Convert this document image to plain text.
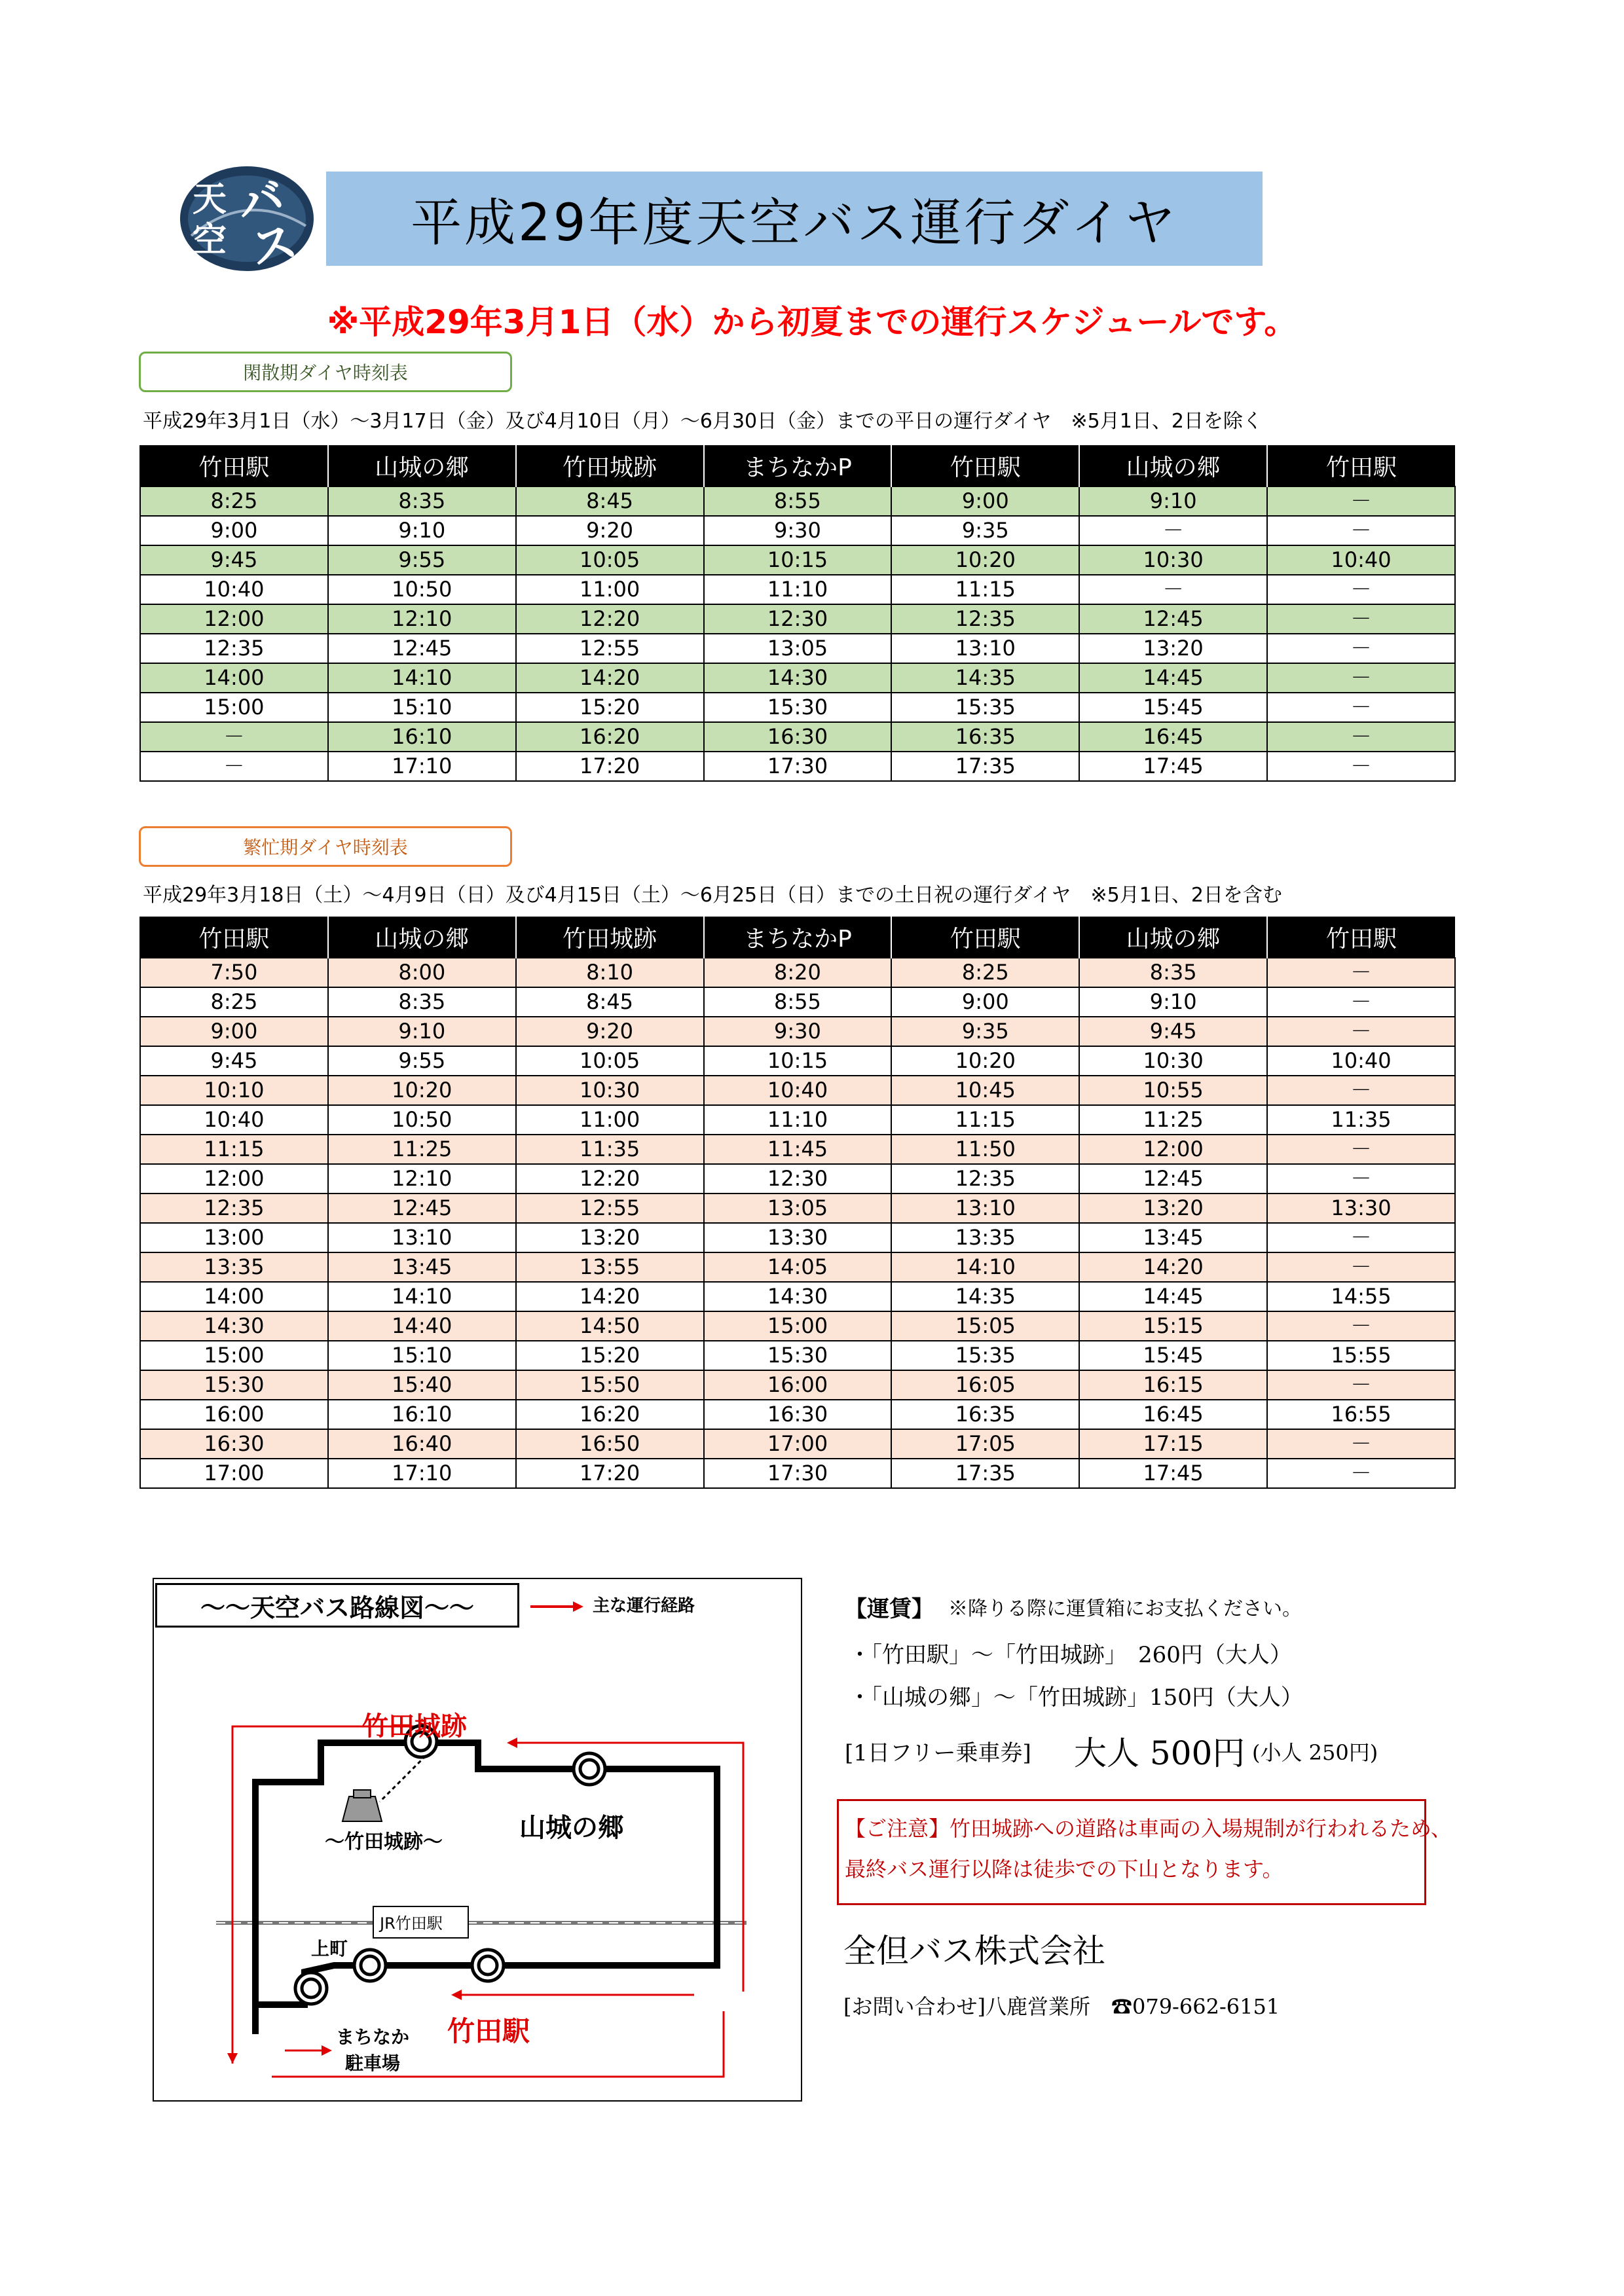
天
空
バ
ス	平成29年度天空バス運行ダイヤ
※平成29年3月1日（水）から初夏までの運行スケジュールです。
閑散期ダイヤ時刻表
平成29年3月1日（水）～3月17日（金）及び4月10日（月）～6月30日（金）までの平日の運行ダイヤ　※5月1日、2日を除く
竹田駅	山城の郷	竹田城跡	まちなかP	竹田駅	山城の郷	竹田駅
8:25	8:35	8:45	8:55	9:00	9:10	－
9:00	9:10	9:20	9:30	9:35	－	－
9:45	9:55	10:05	10:15	10:20	10:30	10:40
10:40	10:50	11:00	11:10	11:15	－	－
12:00	12:10	12:20	12:30	12:35	12:45	－
12:35	12:45	12:55	13:05	13:10	13:20	－
14:00	14:10	14:20	14:30	14:35	14:45	－
15:00	15:10	15:20	15:30	15:35	15:45	－
－	16:10	16:20	16:30	16:35	16:45	－
－	17:10	17:20	17:30	17:35	17:45	－
繁忙期ダイヤ時刻表
平成29年3月18日（土）～4月9日（日）及び4月15日（土）～6月25日（日）までの土日祝の運行ダイヤ　※5月1日、2日を含む
竹田駅	山城の郷	竹田城跡	まちなかP	竹田駅	山城の郷	竹田駅
7:50	8:00	8:10	8:20	8:25	8:35	－
8:25	8:35	8:45	8:55	9:00	9:10	－
9:00	9:10	9:20	9:30	9:35	9:45	－
9:45	9:55	10:05	10:15	10:20	10:30	10:40
10:10	10:20	10:30	10:40	10:45	10:55	－
10:40	10:50	11:00	11:10	11:15	11:25	11:35
11:15	11:25	11:35	11:45	11:50	12:00	－
12:00	12:10	12:20	12:30	12:35	12:45	－
12:35	12:45	12:55	13:05	13:10	13:20	13:30
13:00	13:10	13:20	13:30	13:35	13:45	－
13:35	13:45	13:55	14:05	14:10	14:20	－
14:00	14:10	14:20	14:30	14:35	14:45	14:55
14:30	14:40	14:50	15:00	15:05	15:15	－
15:00	15:10	15:20	15:30	15:35	15:45	15:55
15:30	15:40	15:50	16:00	16:05	16:15	－
16:00	16:10	16:20	16:30	16:35	16:45	16:55
16:30	16:40	16:50	17:00	17:05	17:15	－
17:00	17:10	17:20	17:30	17:35	17:45	－
～～天空バス路線図～～	主な運行経路
竹田城跡
～竹田城跡～	山城の郷
JR竹田駅
上町
竹田駅
まちなか
駐車場
【運賃】 ※降りる際に運賃箱にお支払ください。
・「竹田駅」～「竹田城跡」　260円（大人）
・「山城の郷」～「竹田城跡」150円（大人）
[1日フリー乗車券] 大人 500円 (小人 250円)
【ご注意】竹田城跡への道路は車両の入場規制が行われるため、
最終バス運行以降は徒歩での下山となります。
全但バス株式会社
[お問い合わせ]八鹿営業所　☎079-662-6151
